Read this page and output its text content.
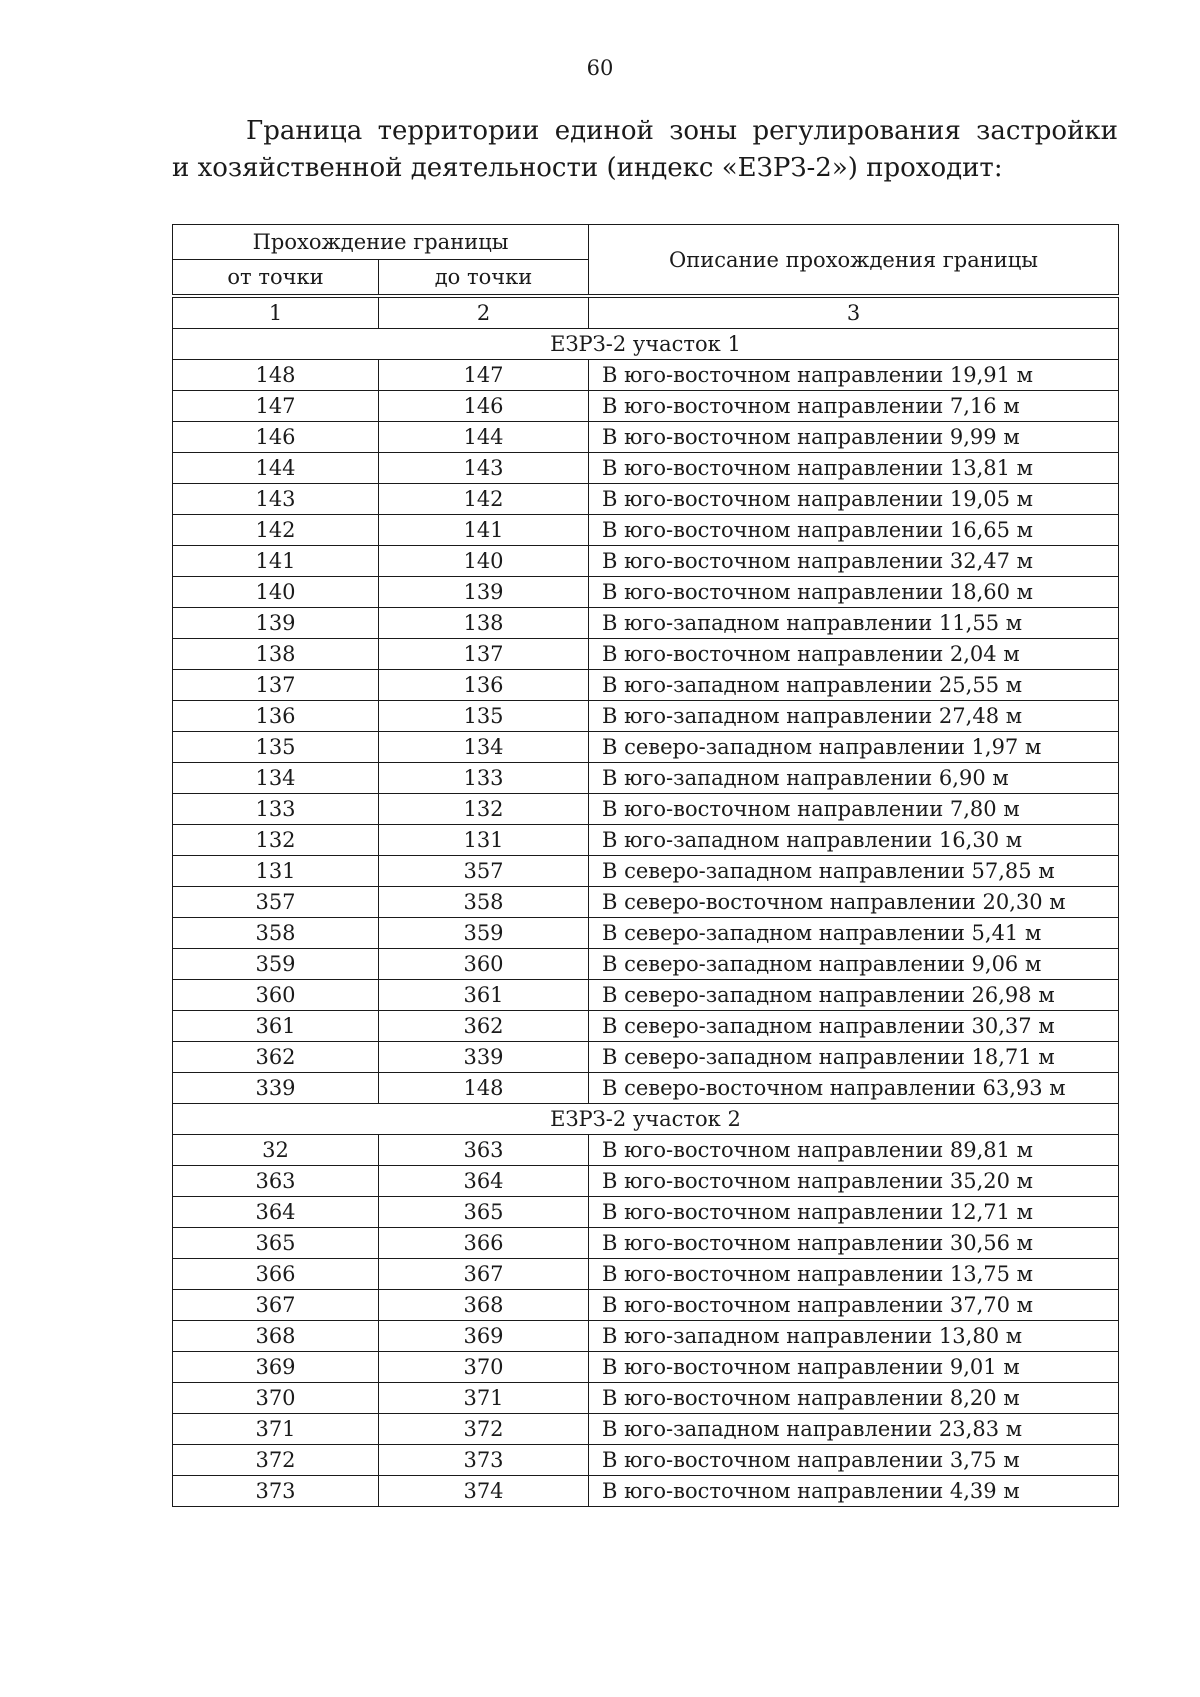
60
Граница территории единой зоны регулирования застройки
и хозяйственной деятельности (индекс «ЕЗРЗ-2») проходит:
Прохождение границы		Описание прохождения границы
от точки	до точки	

1	2	3
ЕЗРЗ-2 участок 1		
148	147	В юго-восточном направлении 19,91 м
147	146	В юго-восточном направлении 7,16 м
146	144	В юго-восточном направлении 9,99 м
144	143	В юго-восточном направлении 13,81 м
143	142	В юго-восточном направлении 19,05 м
142	141	В юго-восточном направлении 16,65 м
141	140	В юго-восточном направлении 32,47 м
140	139	В юго-восточном направлении 18,60 м
139	138	В юго-западном направлении 11,55 м
138	137	В юго-восточном направлении 2,04 м
137	136	В юго-западном направлении 25,55 м
136	135	В юго-западном направлении 27,48 м
135	134	В северо-западном направлении 1,97 м
134	133	В юго-западном направлении 6,90 м
133	132	В юго-восточном направлении 7,80 м
132	131	В юго-западном направлении 16,30 м
131	357	В северо-западном направлении 57,85 м
357	358	В северо-восточном направлении 20,30 м
358	359	В северо-западном направлении 5,41 м
359	360	В северо-западном направлении 9,06 м
360	361	В северо-западном направлении 26,98 м
361	362	В северо-западном направлении 30,37 м
362	339	В северо-западном направлении 18,71 м
339	148	В северо-восточном направлении 63,93 м
ЕЗРЗ-2 участок 2		
32	363	В юго-восточном направлении 89,81 м
363	364	В юго-восточном направлении 35,20 м
364	365	В юго-восточном направлении 12,71 м
365	366	В юго-восточном направлении 30,56 м
366	367	В юго-восточном направлении 13,75 м
367	368	В юго-восточном направлении 37,70 м
368	369	В юго-западном направлении 13,80 м
369	370	В юго-восточном направлении 9,01 м
370	371	В юго-восточном направлении 8,20 м
371	372	В юго-западном направлении 23,83 м
372	373	В юго-восточном направлении 3,75 м
373	374	В юго-восточном направлении 4,39 м
